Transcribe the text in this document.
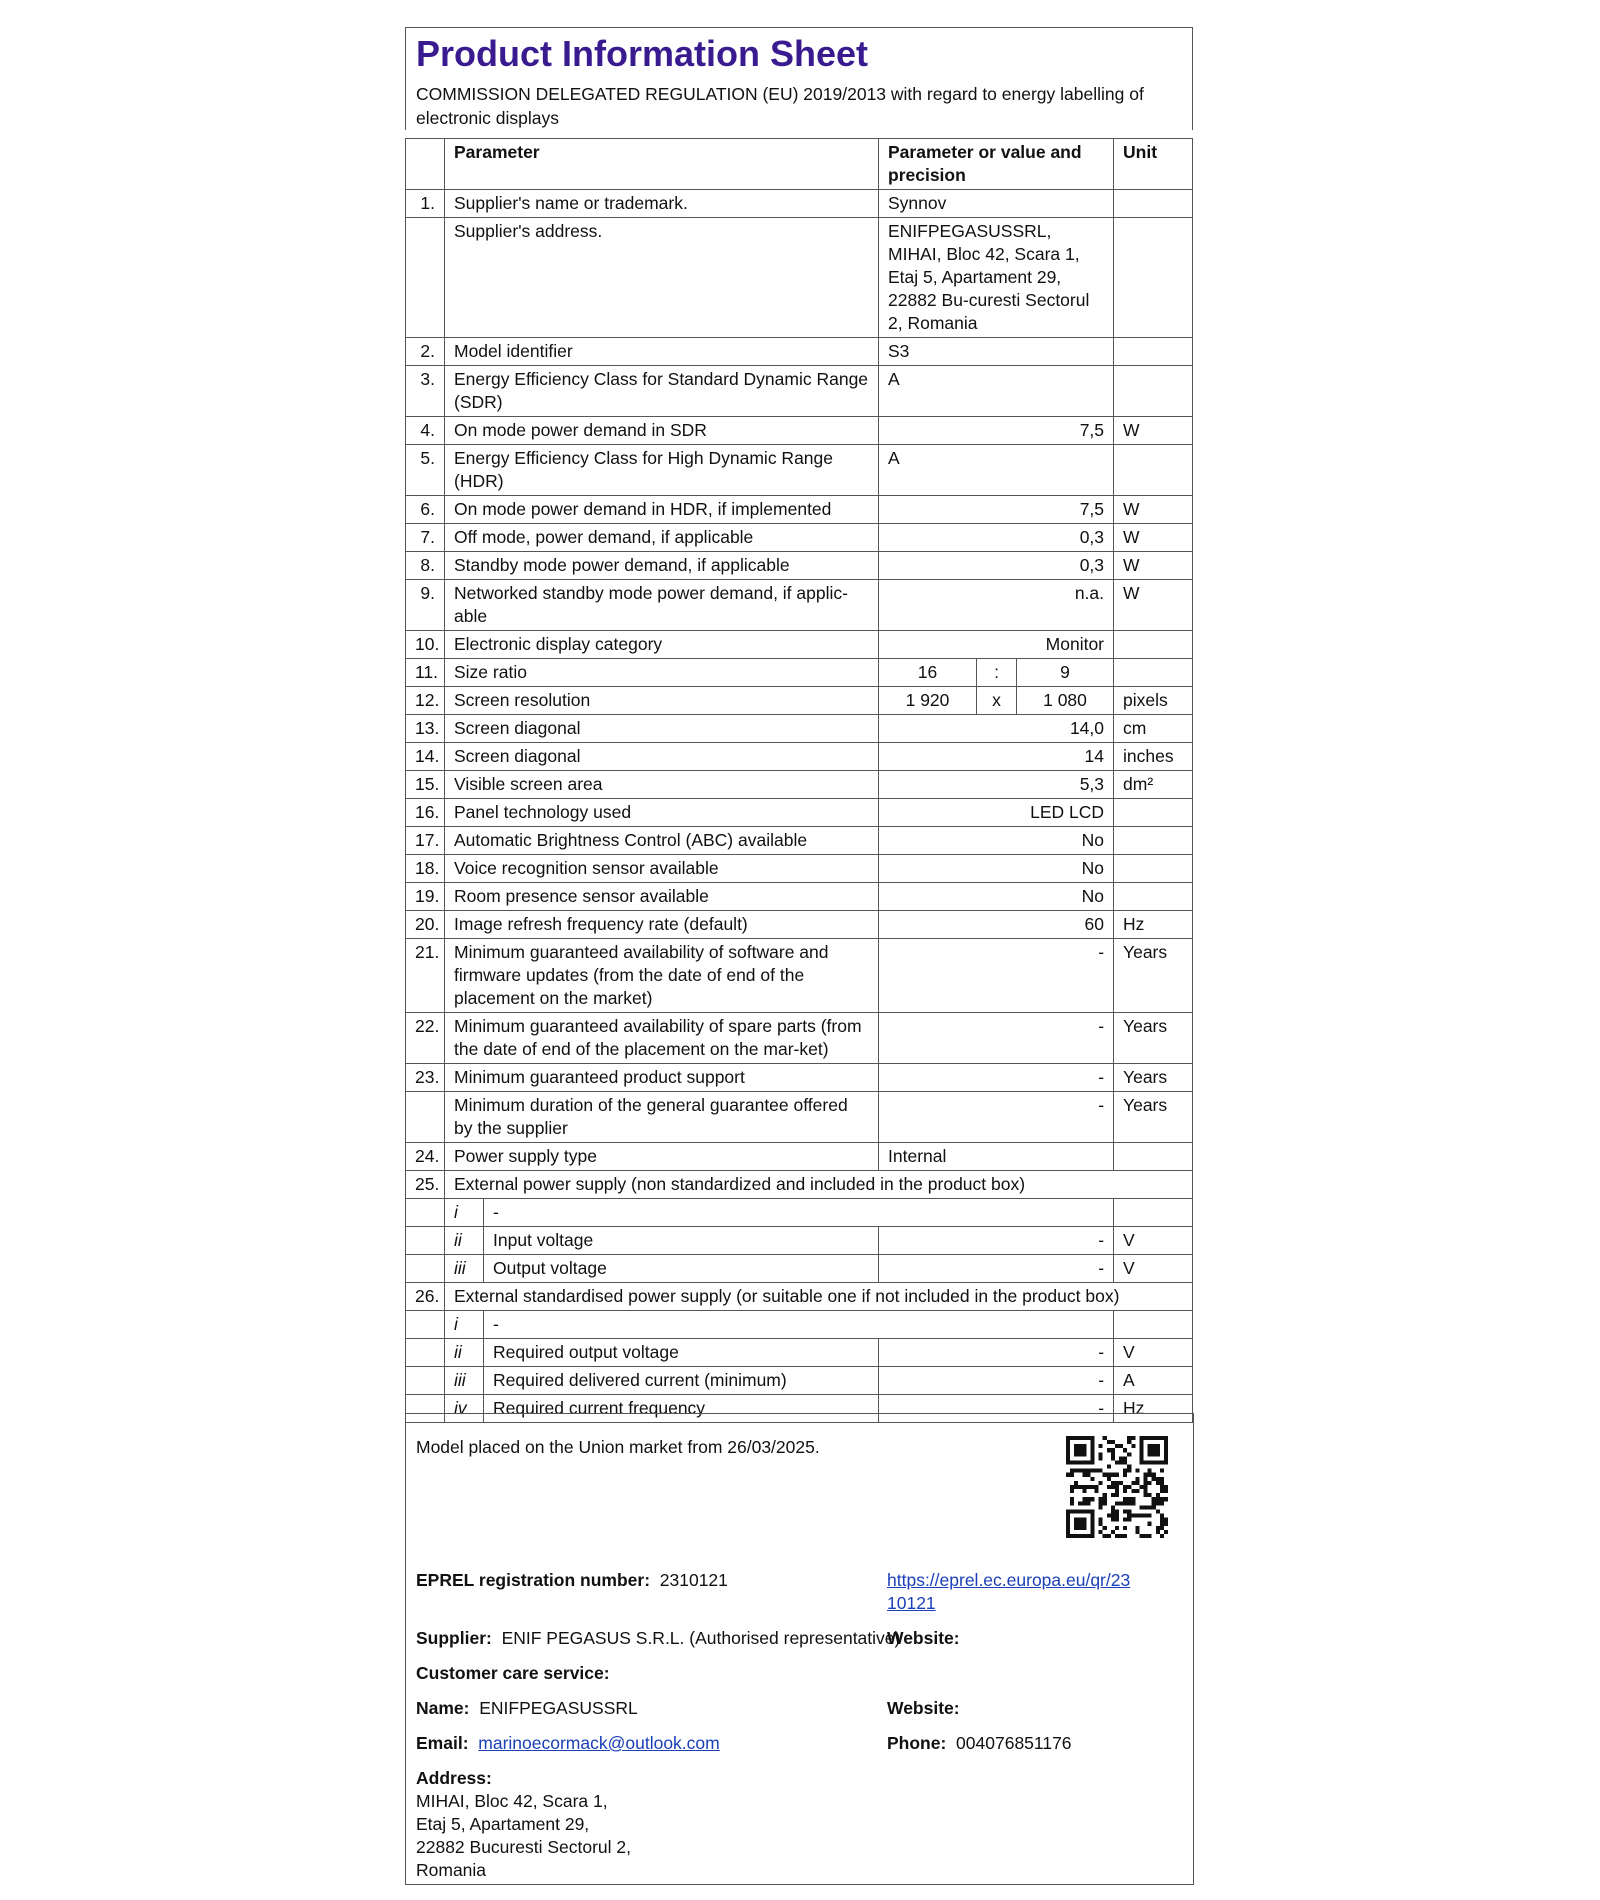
Product Information Sheet
COMMISSION DELEGATED REGULATION (EU) 2019/2013 with regard to energy labelling of electronic displays
	Parameter		Parameter or value and precision			Unit
1.	Supplier's name or trademark.		Synnov			
	Supplier's address.		ENIFPEGASUSSRL, MIHAI, Bloc 42, Scara 1, Etaj 5, Apartament 29, 22882 Bu-curesti Sectorul 2, Romania			
2.	Model identifier		S3			
3.	Energy Efficiency Class for Standard Dynamic Range (SDR)		A			
4.	On mode power demand in SDR		7,5			W
5.	Energy Efficiency Class for High Dynamic Range (HDR)		A			
6.	On mode power demand in HDR, if implemented		7,5			W
7.	Off mode, power demand, if applicable		0,3			W
8.	Standby mode power demand, if applicable		0,3			W
9.	Networked standby mode power demand, if applic-able		n.a.			W
10.	Electronic display category		Monitor			
11.	Size ratio		16	:	9	
12.	Screen resolution		1 920	x	1 080	pixels
13.	Screen diagonal		14,0			cm
14.	Screen diagonal		14			inches
15.	Visible screen area		5,3			dm²
16.	Panel technology used		LED LCD			
17.	Automatic Brightness Control (ABC) available		No			
18.	Voice recognition sensor available		No			
19.	Room presence sensor available		No			
20.	Image refresh frequency rate (default)		60			Hz
21.	Minimum guaranteed availability of software and firmware updates (from the date of end of the placement on the market)		-			Years
22.	Minimum guaranteed availability of spare parts (from the date of end of the placement on the mar-ket)		-			Years
23.	Minimum guaranteed product support		-			Years
	Minimum duration of the general guarantee offered by the supplier		-			Years
24.	Power supply type		Internal			
25.	External power supply (non standardized and included in the product box)					
	i	-				
	ii	Input voltage	-			V
	iii	Output voltage	-			V
26.	External standardised power supply (or suitable one if not included in the product box)					
	i	-				
	ii	Required output voltage	-			V
	iii	Required delivered current (minimum)	-			A
	iv	Required current frequency	-			Hz
Model placed on the Union market from 26/03/2025.
EPREL registration number: 2310121	https://eprel.ec.europa.eu/qr/23
10121
Supplier: ENIF PEGASUS S.R.L. (Authorised representative)
Website:
Customer care service:
Name: ENIFPEGASUSSRL	Website:
Email: marinoecormack@outlook.com	Phone: 004076851176
Address:
MIHAI, Bloc 42, Scara 1,
Etaj 5, Apartament 29,
22882 Bucuresti Sectorul 2,
Romania
